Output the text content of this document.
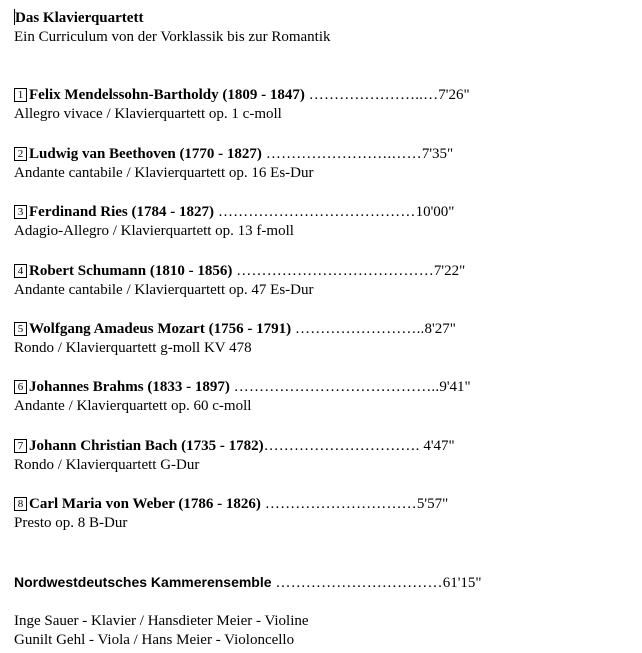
Das Klavierquartett
Ein Curriculum von der Vorklassik bis zur Romantik
1 Felix Mendelssohn-Bartholdy (1809 - 1847) …………………..…7'26"
Allegro vivace / Klavierquartett op. 1 c-moll
2 Ludwig van Beethoven (1770 - 1827) …………………….……7'35"
Andante cantabile / Klavierquartett op. 16 Es-Dur
3 Ferdinand Ries (1784 - 1827) …………………………………10'00"
Adagio-Allegro / Klavierquartett op. 13 f-moll
4 Robert Schumann (1810 - 1856) …………………………………7'22"
Andante cantabile / Klavierquartett op. 47 Es-Dur
5 Wolfgang Amadeus Mozart (1756 - 1791) ……………………..8'27"
Rondo / Klavierquartett g-moll KV 478
6 Johannes Brahms (1833 - 1897) …………………………………..9'41"
Andante / Klavierquartett op. 60 c-moll
7 Johann Christian Bach (1735 - 1782)…………………………. 4'47"
Rondo / Klavierquartett G-Dur
8 Carl Maria von Weber (1786 - 1826) …………………………5'57"
Presto op. 8 B-Dur
Nordwestdeutsches Kammerensemble ……………………………61'15"
Inge Sauer - Klavier / Hansdieter Meier - Violine
Gunilt Gehl - Viola / Hans Meier - Violoncello
